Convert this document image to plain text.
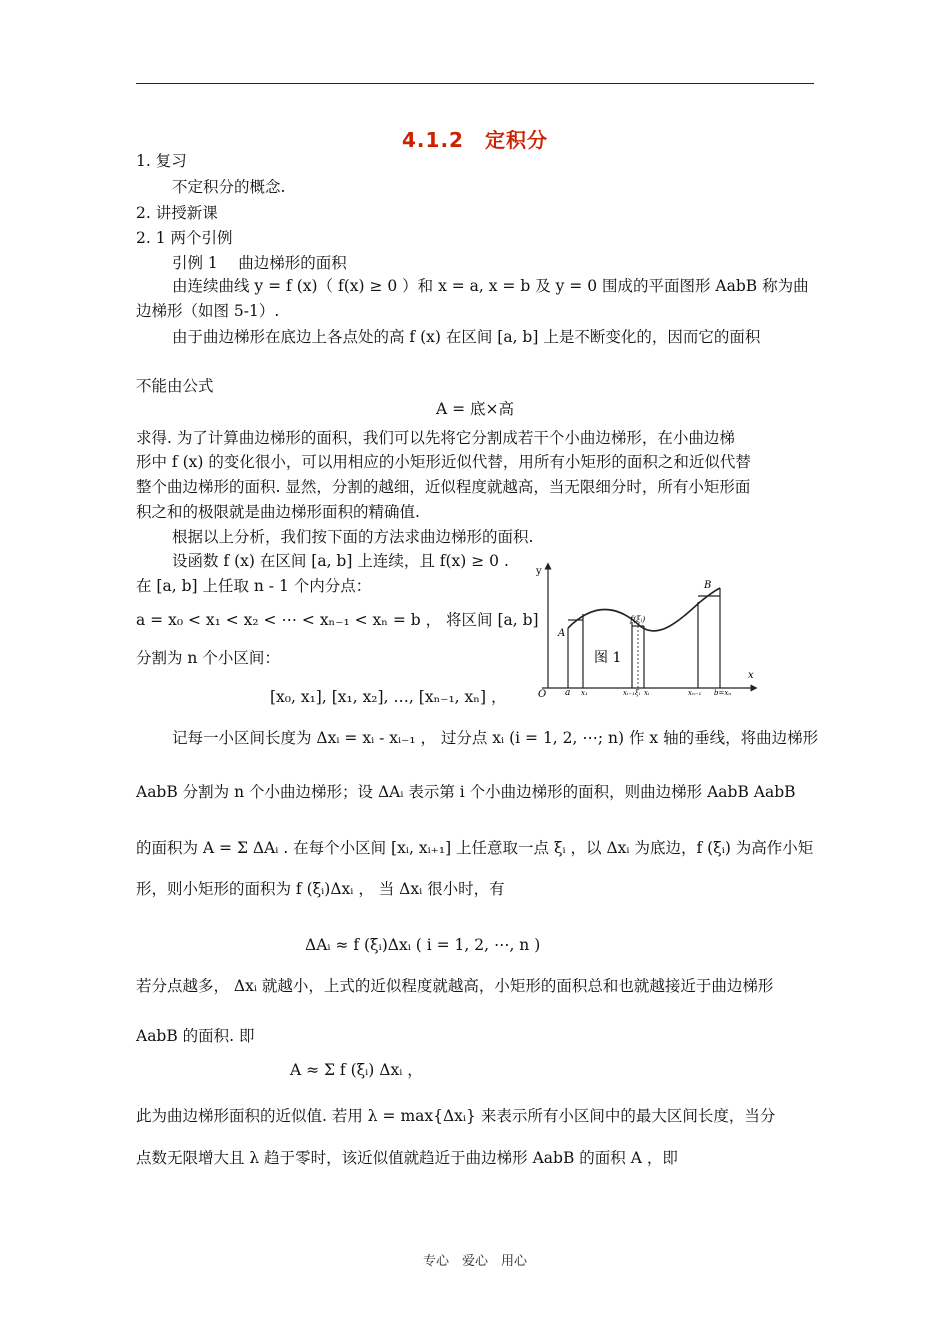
4.1.2　定积分
1. 复习
不定积分的概念.
2. 讲授新课
2. 1 两个引例
引例 1　 曲边梯形的面积
由连续曲线 y = f (x)（ f(x) ≥ 0 ）和 x = a, x = b 及 y = 0 围成的平面图形 AabB 称为曲
边梯形（如图 5-1）.
由于曲边梯形在底边上各点处的高 f (x) 在区间 [a, b] 上是不断变化的，因而它的面积
不能由公式
A = 底×高
求得. 为了计算曲边梯形的面积，我们可以先将它分割成若干个小曲边梯形，在小曲边梯
形中 f (x) 的变化很小，可以用相应的小矩形近似代替，用所有小矩形的面积之和近似代替
整个曲边梯形的面积. 显然，分割的越细，近似程度就越高，当无限细分时，所有小矩形面
积之和的极限就是曲边梯形面积的精确值.
根据以上分析，我们按下面的方法求曲边梯形的面积.
设函数 f (x) 在区间 [a, b] 上连续，且 f(x) ≥ 0 .
在 [a, b] 上任取 n - 1 个内分点：
a = x₀ < x₁ < x₂ < ⋯ < xₙ₋₁ < xₙ = b ， 将区间 [a, b]
分割为 n 个小区间：
[x₀, x₁], [x₁, x₂], …, [xₙ₋₁, xₙ] ，
y
x
O
A
B
f(ξᵢ)
a x₁	xᵢ₋₁ ξᵢ xᵢ	xₙ₋₁ b=xₙ
图 1
记每一小区间长度为 Δxᵢ = xᵢ - xᵢ₋₁ ， 过分点 xᵢ (i = 1, 2, ⋯; n) 作 x 轴的垂线，将曲边梯形
AabB 分割为 n 个小曲边梯形；设 ΔAᵢ 表示第 i 个小曲边梯形的面积，则曲边梯形 AabB AabB
的面积为 A = Σ ΔAᵢ . 在每个小区间 [xᵢ, xᵢ₊₁] 上任意取一点 ξᵢ ，以 Δxᵢ 为底边，f (ξᵢ) 为高作小矩
形，则小矩形的面积为 f (ξᵢ)Δxᵢ ， 当 Δxᵢ 很小时，有
ΔAᵢ ≈ f (ξᵢ)Δxᵢ ( i = 1, 2, ⋯, n )
若分点越多， Δxᵢ 就越小，上式的近似程度就越高，小矩形的面积总和也就越接近于曲边梯形
AabB 的面积. 即
A ≈ Σ f (ξᵢ) Δxᵢ ，
此为曲边梯形面积的近似值. 若用 λ = max{Δxᵢ} 来表示所有小区间中的最大区间长度，当分
点数无限增大且 λ 趋于零时，该近似值就趋近于曲边梯形 AabB 的面积 A ，即
专心　爱心　用心
